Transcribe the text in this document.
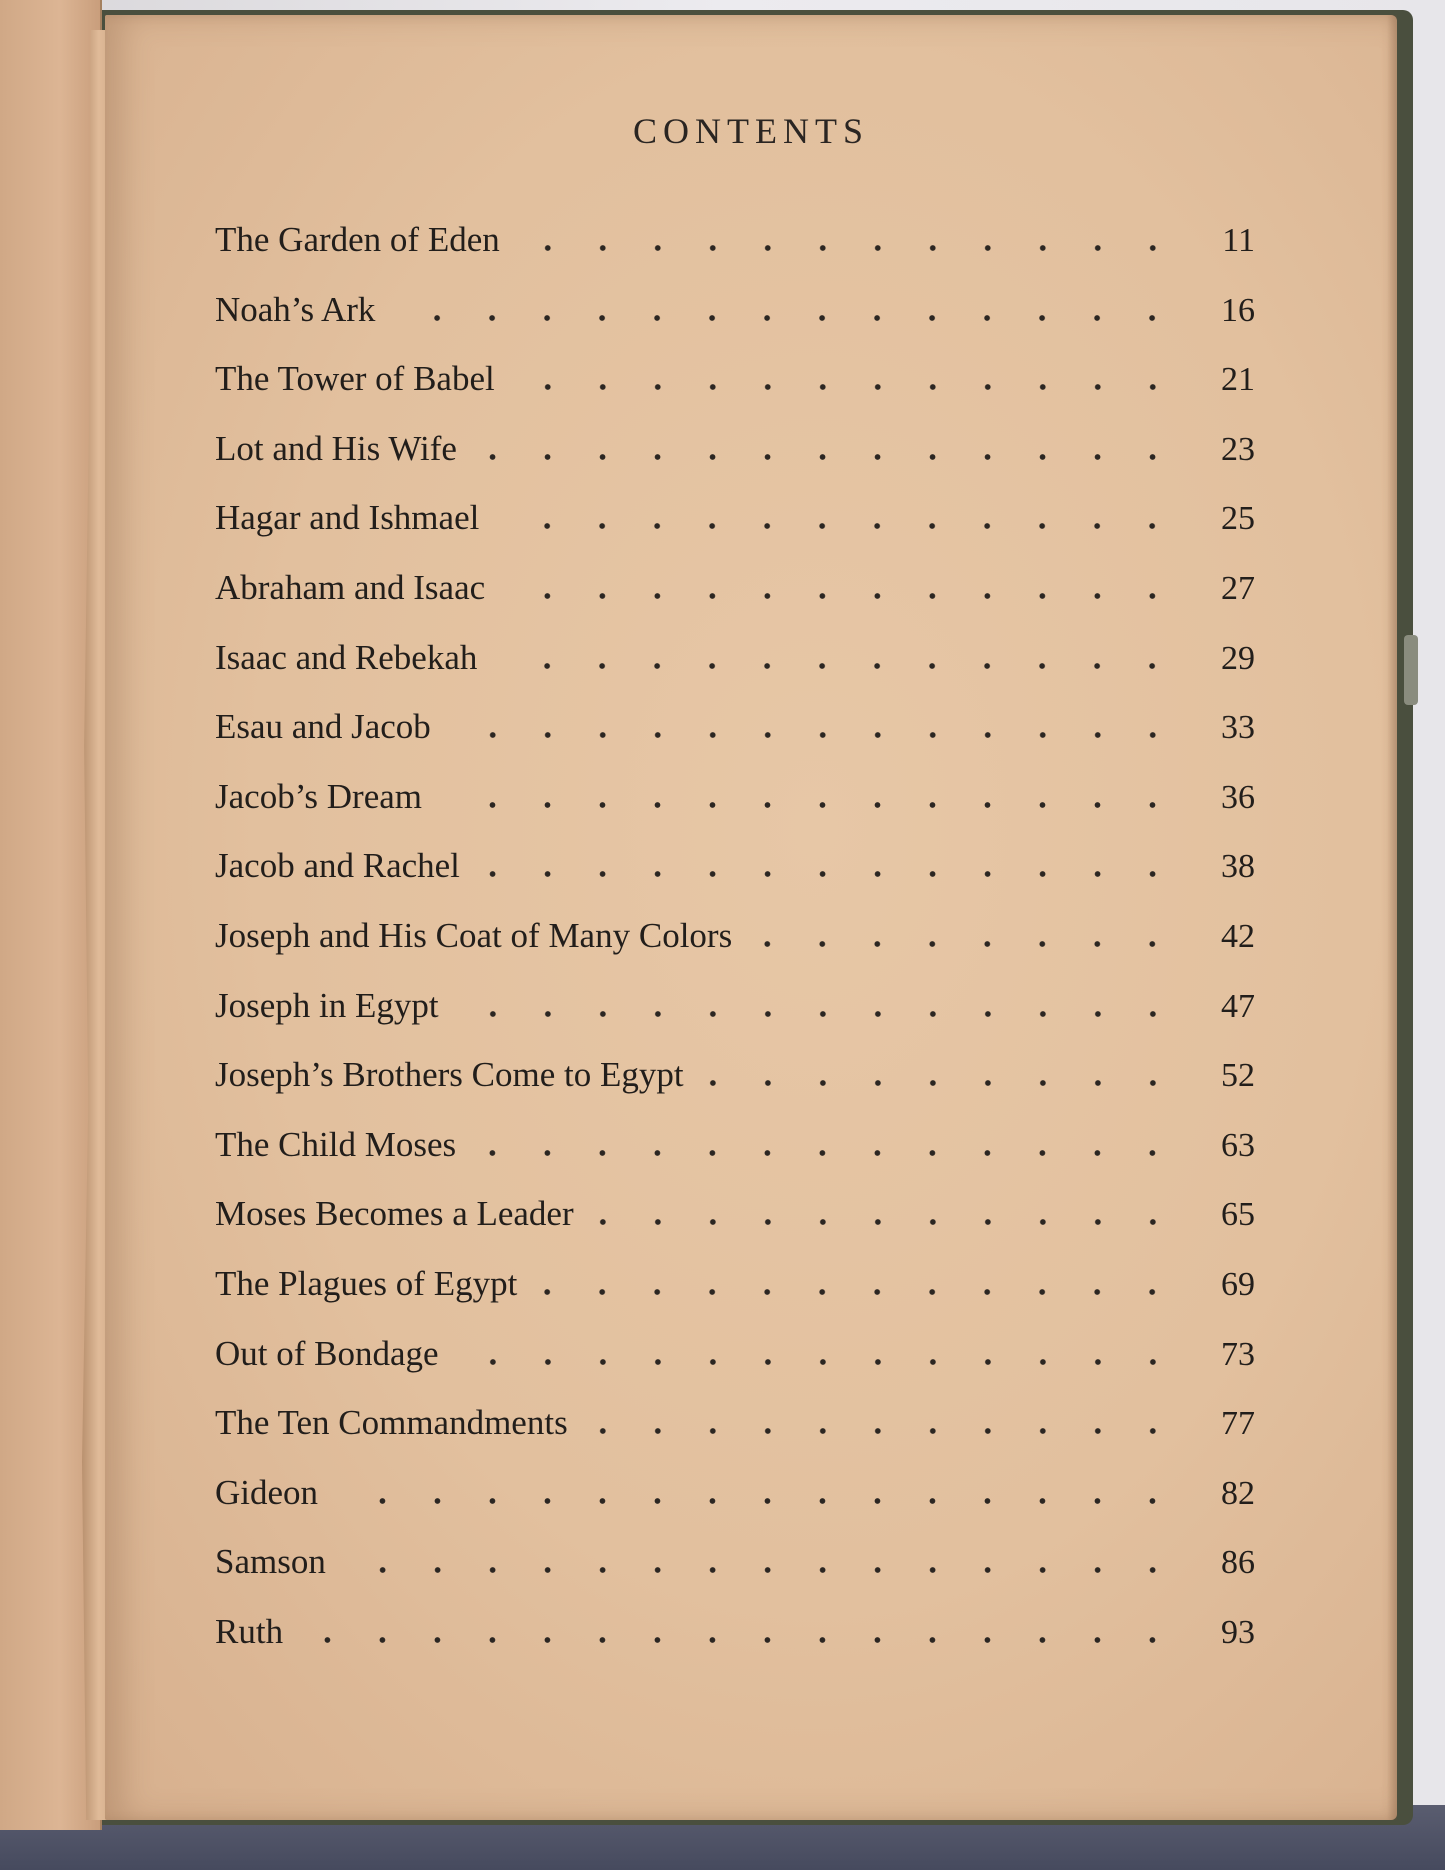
CONTENTS
The Garden of Eden	11
Noah’s Ark	16
The Tower of Babel	21
Lot and His Wife	23
Hagar and Ishmael	25
Abraham and Isaac	27
Isaac and Rebekah	29
Esau and Jacob	33
Jacob’s Dream	36
Jacob and Rachel	38
Joseph and His Coat of Many Colors	42
Joseph in Egypt	47
Joseph’s Brothers Come to Egypt	52
The Child Moses	63
Moses Becomes a Leader	65
The Plagues of Egypt	69
Out of Bondage	73
The Ten Commandments	77
Gideon	82
Samson	86
Ruth	93
